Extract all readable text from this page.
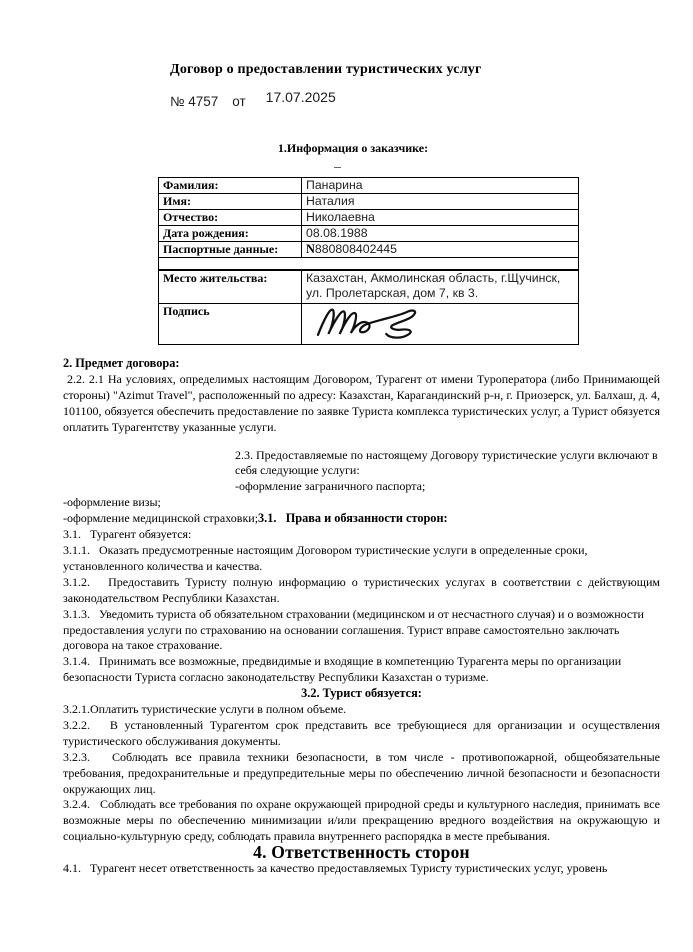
Договор о предоставлении туристических услуг
№ 4757 от 17.07.2025
1.Информация о заказчике:
Фамилия:	Панарина
Имя:	Наталия
Отчество:	Николаевна
Дата рождения:	08.08.1988
Паспортные данные:	N880808402445

Место жительства:	Казахстан, Акмолинская область, г.Щучинск, ул. Пролетарская, дом 7, кв 3.
Подпись	

2. Предмет договора:

2.2. 2.1 На условиях, определимых настоящим Договором, Турагент от имени Туроператора (либо Принимающей стороны) "Azimut Travel", расположенный по адресу: Казахстан, Карагандинский р-н, г. Приозерск, ул. Балхаш, д. 4, 101100, обязуется обеспечить предоставление по заявке Туриста комплекса туристических услуг, а Турист обязуется оплатить Турагентству указанные услуги.

2.3. Предоставляемые по настоящему Договору туристические услуги включают в себя следующие услуги:

-оформление заграничного паспорта;

-оформление визы;

-оформление медицинской страховки;3.1.   Права и обязанности сторон:

3.1.   Турагент обязуется:

3.1.1.   Оказать предусмотренные настоящим Договором туристические услуги в определенные сроки, установленного количества и качества.

3.1.2.   Предоставить Туристу полную информацию о туристических услугах в соответствии с действующим законодательством Республики Казахстан.

3.1.3.   Уведомить туриста об обязательном страховании (медицинском и от несчастного случая) и о возможности предоставления услуги по страхованию на основании соглашения. Турист вправе самостоятельно заключать договора на такое страхование.

3.1.4.   Принимать все возможные, предвидимые и входящие в компетенцию Турагента меры по организации безопасности Туриста согласно законодательству Республики Казахстан о туризме.

3.2. Турист обязуется:

3.2.1.Оплатить туристические услуги в полном объеме.

3.2.2.   В установленный Турагентом срок представить все требующиеся для организации и осуществления туристического обслуживания документы.

3.2.3.   Соблюдать все правила техники безопасности, в том числе - противопожарной, общеобязательные требования, предохранительные и предупредительные меры по обеспечению личной безопасности и безопасности окружающих лиц.

3.2.4.   Соблюдать все требования по охране окружающей природной среды и культурного наследия, принимать все возможные меры по обеспечению минимизации и/или прекращению вредного воздействия на окружающую и социально-культурную среду, соблюдать правила внутреннего распорядка в месте пребывания.

4. Ответственность сторон

4.1.   Турагент несет ответственность за качество предоставляемых Туристу туристических услуг, уровень
